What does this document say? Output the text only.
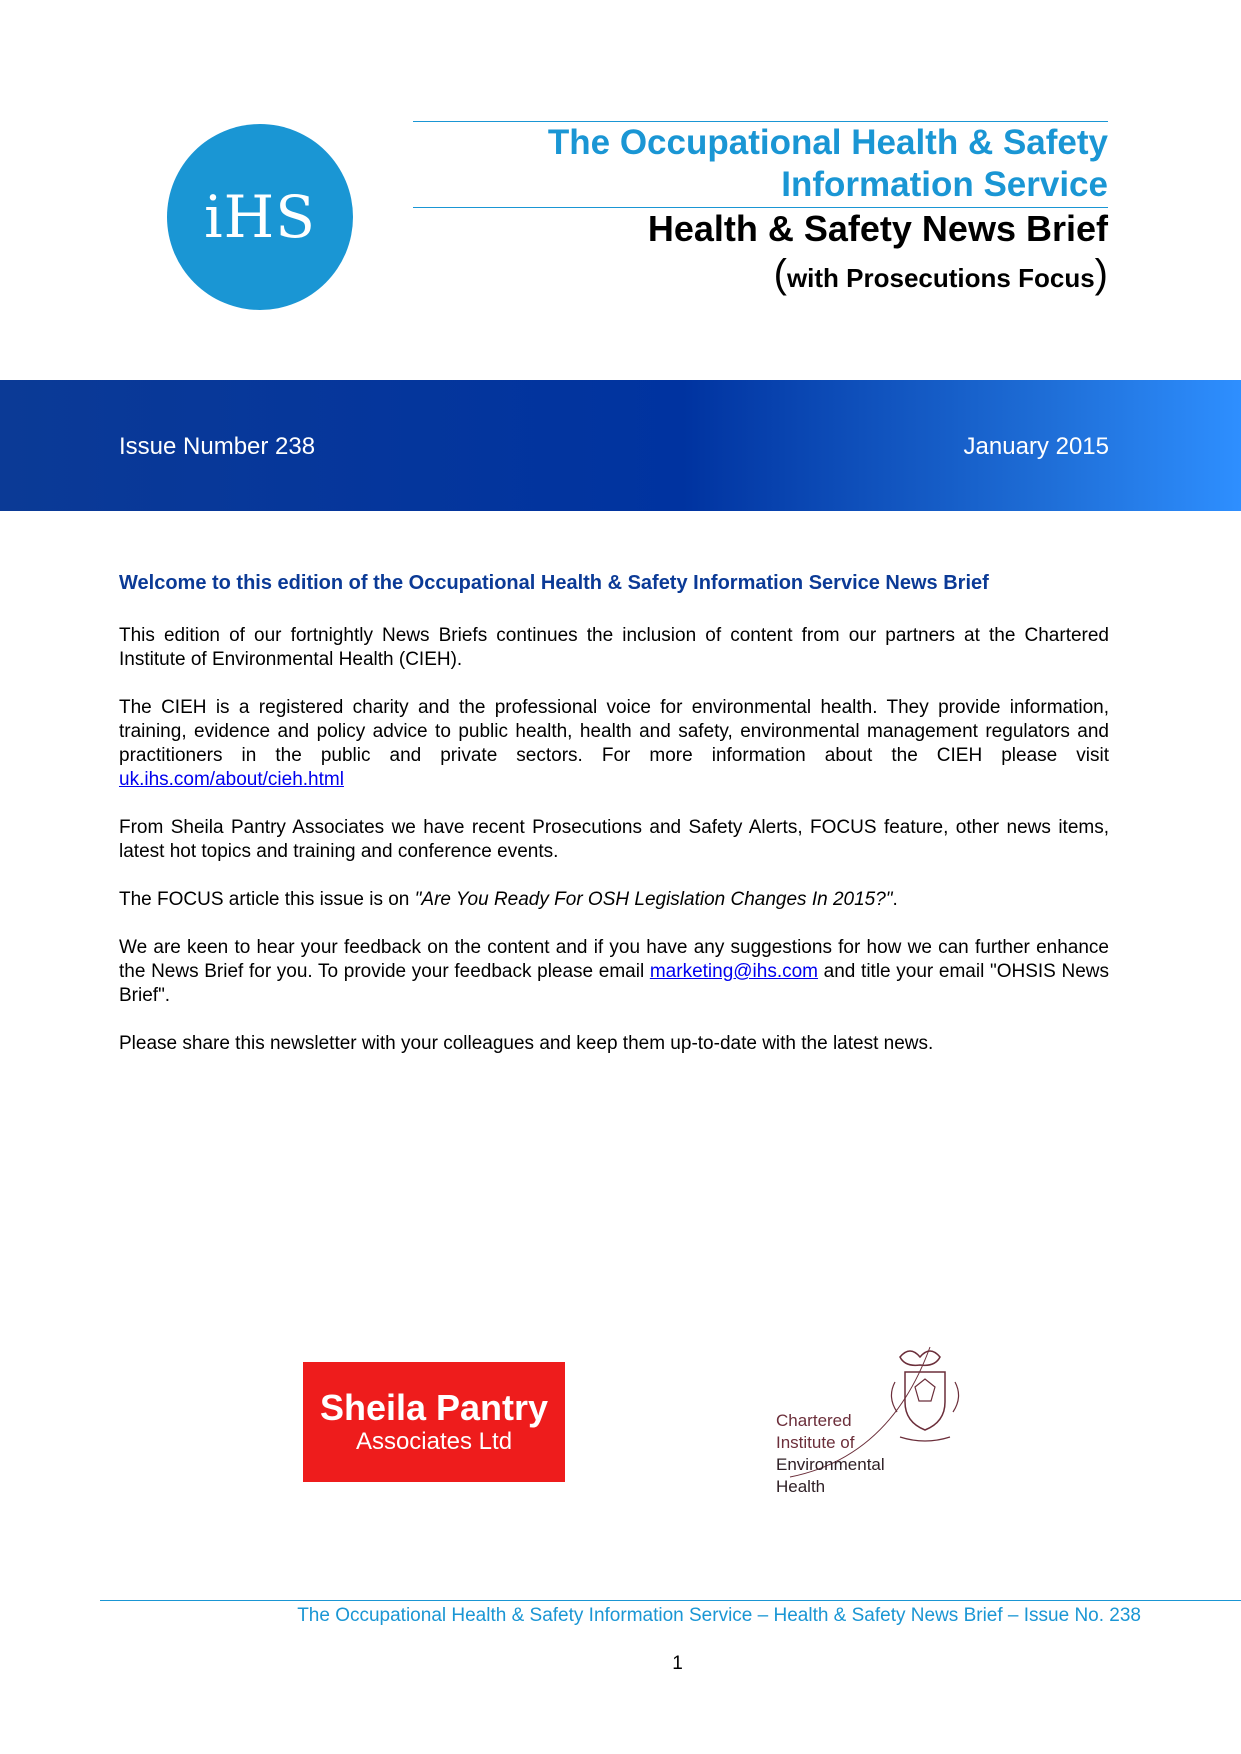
iHS
The Occupational Health & Safety
Information Service
Health & Safety News Brief
(with Prosecutions Focus)
Issue Number 238	January 2015
Welcome to this edition of the Occupational Health & Safety Information Service News Brief

This edition of our fortnightly News Briefs continues the inclusion of content from our partners at the Chartered Institute of Environmental Health (CIEH).

The CIEH is a registered charity and the professional voice for environmental health. They provide information, training, evidence and policy advice to public health, health and safety, environmental management regulators and practitioners in the public and private sectors. For more information about the CIEH please visit uk.ihs.com/about/cieh.html

From Sheila Pantry Associates we have recent Prosecutions and Safety Alerts, FOCUS feature, other news items, latest hot topics and training and conference events.

The FOCUS article this issue is on "Are You Ready For OSH Legislation Changes In 2015?".

We are keen to hear your feedback on the content and if you have any suggestions for how we can further enhance the News Brief for you. To provide your feedback please email marketing@ihs.com and title your email "OHSIS News Brief".

Please share this newsletter with your colleagues and keep them up-to-date with the latest news.

Sheila Pantry
Associates Ltd
Chartered
Institute of
Environmental
Health
The Occupational Health & Safety Information Service – Health & Safety News Brief – Issue No. 238
1
